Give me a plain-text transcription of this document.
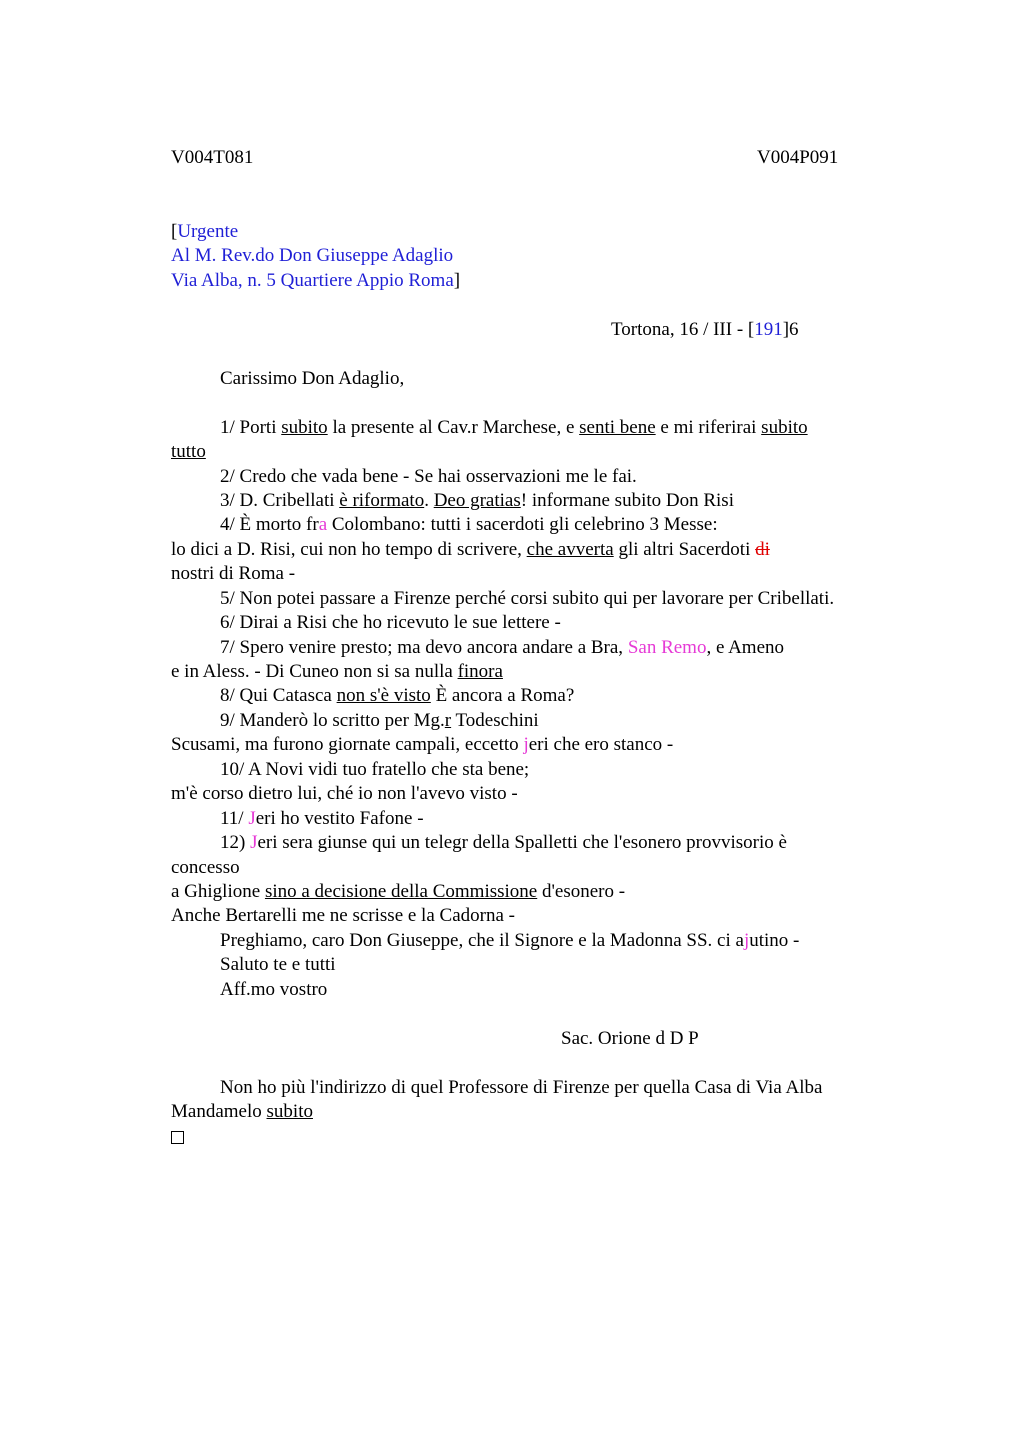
V004T081	V004P091
[Urgente
Al M. Rev.do Don Giuseppe Adaglio
Via Alba, n. 5 Quartiere Appio Roma]
Tortona, 16 / III - [191]6
Carissimo Don Adaglio,
1/ Porti subito la presente al Cav.r Marchese, e senti bene e mi riferirai subito
tutto
2/ Credo che vada bene - Se hai osservazioni me le fai.
3/ D. Cribellati è riformato. Deo gratias! informane subito Don Risi
4/ È morto fra Colombano: tutti i sacerdoti gli celebrino 3 Messe:
lo dici a D. Risi, cui non ho tempo di scrivere, che avverta gli altri Sacerdoti di
nostri di Roma -
5/ Non potei passare a Firenze perché corsi subito qui per lavorare per Cribellati.
6/ Dirai a Risi che ho ricevuto le sue lettere -
7/ Spero venire presto; ma devo ancora andare a Bra, San Remo, e Ameno
e in Aless. - Di Cuneo non si sa nulla finora
8/ Qui Catasca non s'è visto È ancora a Roma?
9/ Manderò lo scritto per Mg.r Todeschini
Scusami, ma furono giornate campali, eccetto jeri che ero stanco -
10/ A Novi vidi tuo fratello che sta bene;
m'è corso dietro lui, ché io non l'avevo visto -
11/ Jeri ho vestito Fafone -
12) Jeri sera giunse qui un telegr della Spalletti che l'esonero provvisorio è
concesso
a Ghiglione sino a decisione della Commissione d'esonero -
Anche Bertarelli me ne scrisse e la Cadorna -
Preghiamo, caro Don Giuseppe, che il Signore e la Madonna SS. ci ajutino -
Saluto te e tutti
Aff.mo vostro
Sac. Orione d D P
Non ho più l'indirizzo di quel Professore di Firenze per quella Casa di Via Alba
Mandamelo subito
